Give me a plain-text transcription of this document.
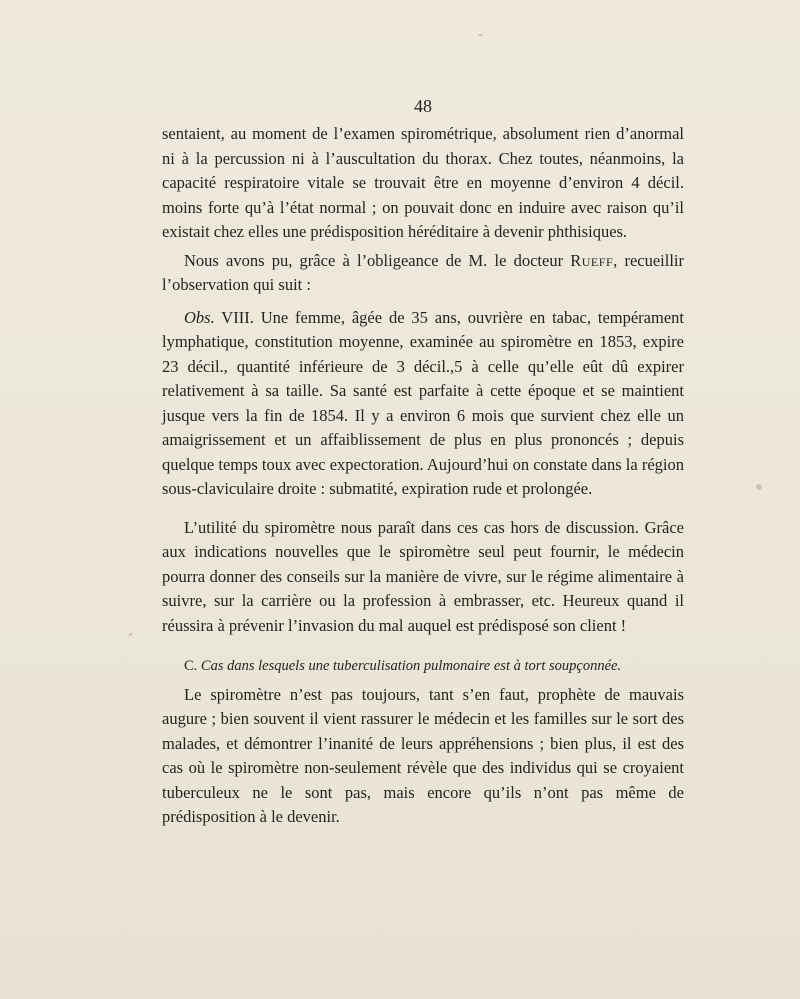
48

sentaient, au moment de l’examen spirométrique, absolument rien d’anormal ni à la percussion ni à l’auscultation du thorax. Chez toutes, néanmoins, la capacité respiratoire vitale se trouvait être en moyenne d’environ 4 décil. moins forte qu’à l’état normal ; on pouvait donc en induire avec raison qu’il existait chez elles une prédisposition héréditaire à devenir phthisiques.

Nous avons pu, grâce à l’obligeance de M. le docteur Rueff, recueillir l’observation qui suit :

Obs. VIII. Une femme, âgée de 35 ans, ouvrière en tabac, tempérament lymphatique, constitution moyenne, examinée au spiromètre en 1853, expire 23 décil., quantité inférieure de 3 décil.,5 à celle qu’elle eût dû expirer relativement à sa taille. Sa santé est parfaite à cette époque et se maintient jusque vers la fin de 1854. Il y a environ 6 mois que survient chez elle un amaigrissement et un affaiblissement de plus en plus prononcés ; depuis quelque temps toux avec expectoration. Aujourd’hui on constate dans la région sous-claviculaire droite : submatité, expiration rude et prolongée.

L’utilité du spiromètre nous paraît dans ces cas hors de discussion. Grâce aux indications nouvelles que le spiromètre seul peut fournir, le médecin pourra donner des conseils sur la manière de vivre, sur le régime alimentaire à suivre, sur la carrière ou la profession à embrasser, etc. Heureux quand il réussira à prévenir l’invasion du mal auquel est prédisposé son client !

C. Cas dans lesquels une tuberculisation pulmonaire est à tort soupçonnée.

Le spiromètre n’est pas toujours, tant s’en faut, prophète de mauvais augure ; bien souvent il vient rassurer le médecin et les familles sur le sort des malades, et démontrer l’inanité de leurs appréhensions ; bien plus, il est des cas où le spiromètre non-seulement révèle que des individus qui se croyaient tuberculeux ne le sont pas, mais encore qu’ils n’ont pas même de prédisposition à le devenir.
